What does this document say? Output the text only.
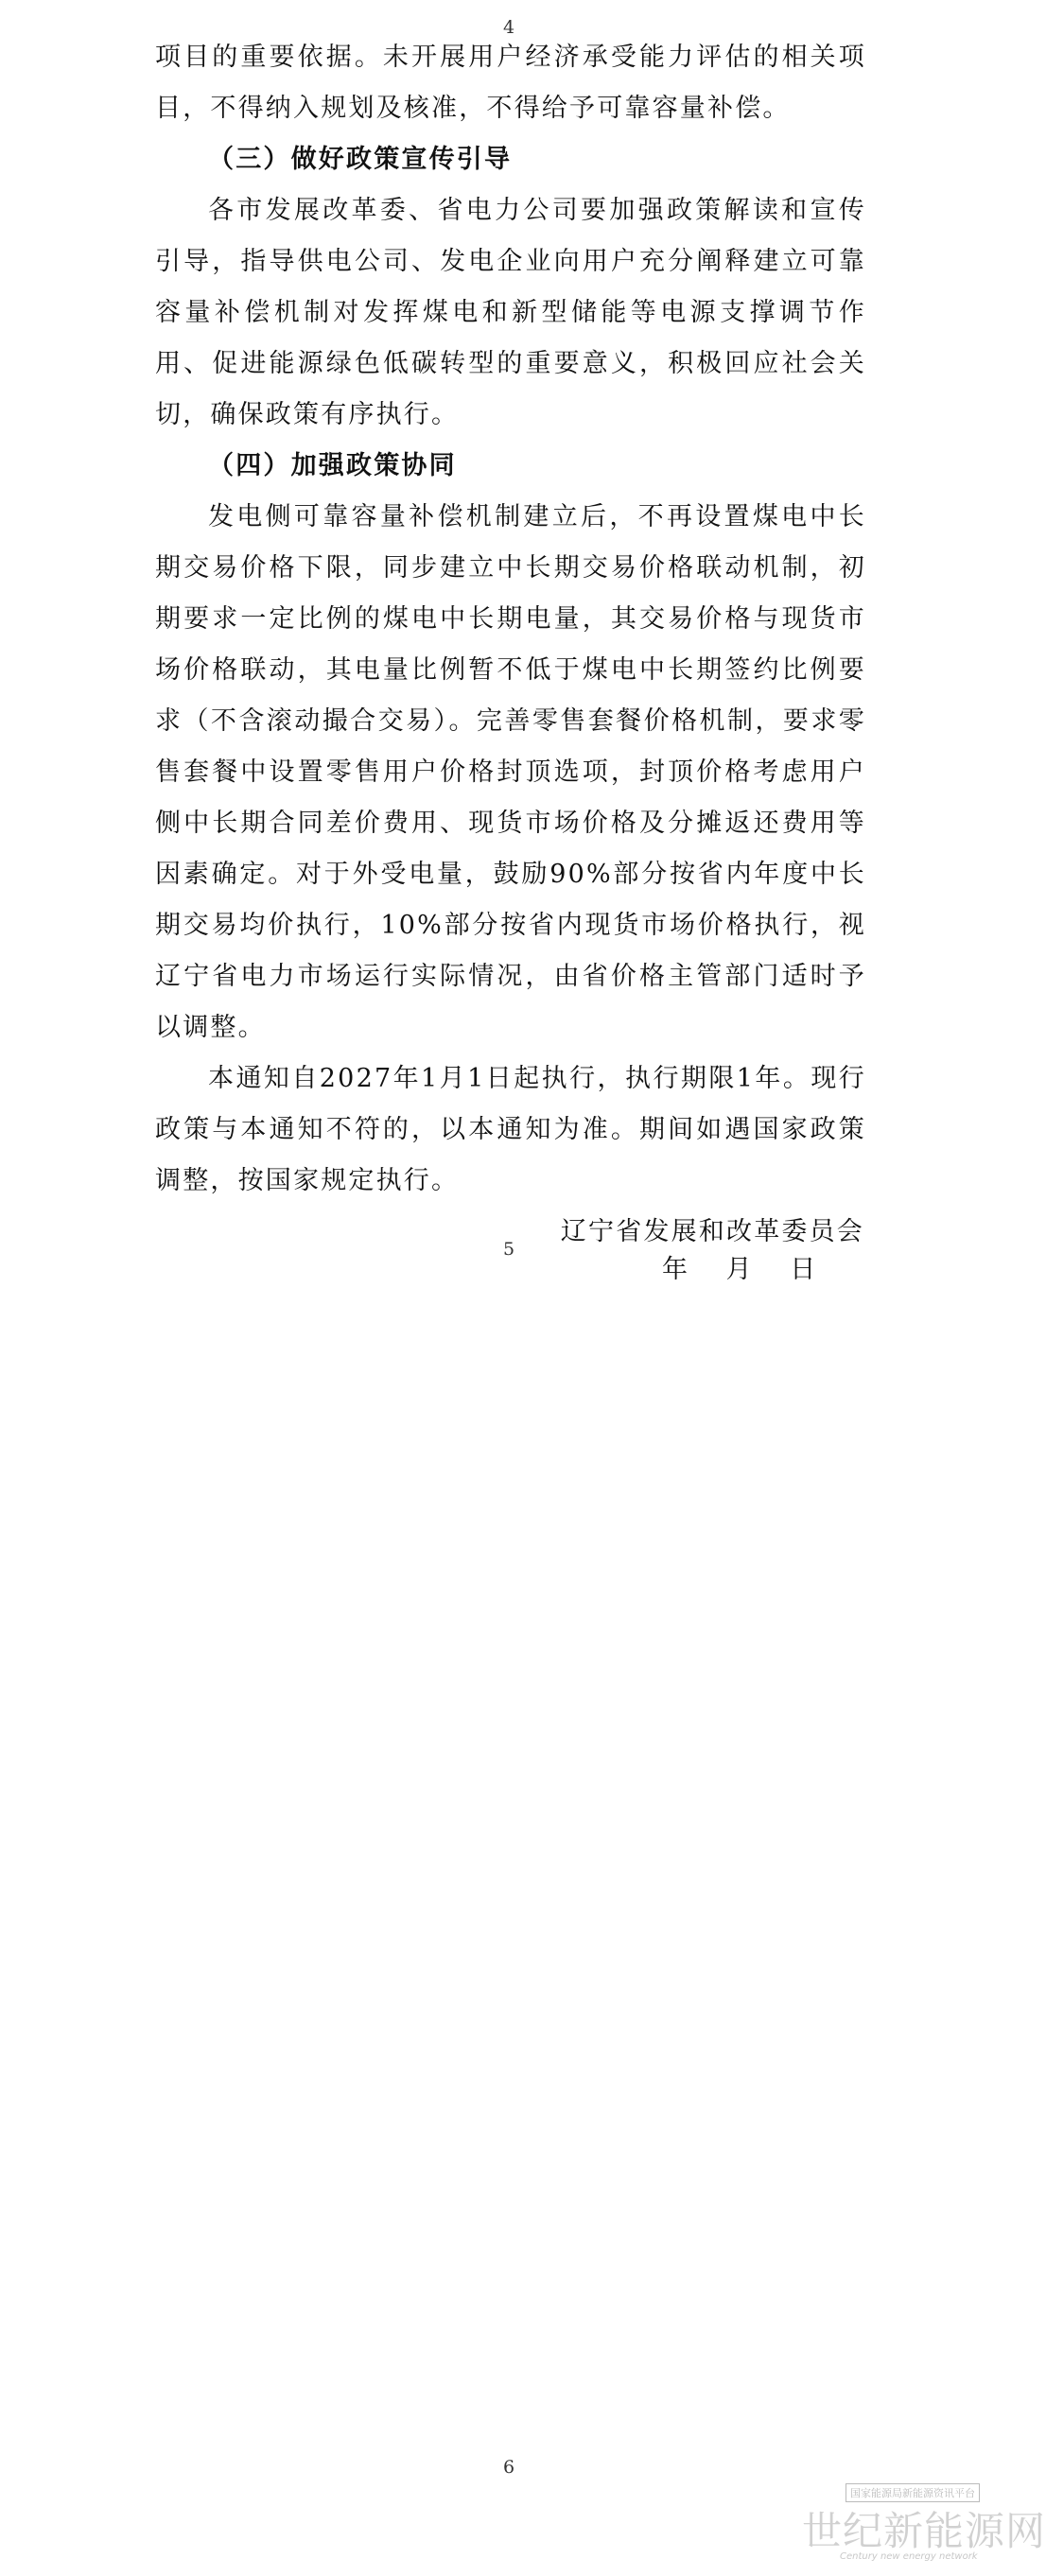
4
5
6

项目的重要依据。未开展用户经济承受能力评估的相关项目，不得纳入规划及核准，不得给予可靠容量补偿。

（三）做好政策宣传引导

各市发展改革委、省电力公司要加强政策解读和宣传引导，指导供电公司、发电企业向用户充分阐释建立可靠容量补偿机制对发挥煤电和新型储能等电源支撑调节作用、促进能源绿色低碳转型的重要意义，积极回应社会关切，确保政策有序执行。

（四）加强政策协同

发电侧可靠容量补偿机制建立后，不再设置煤电中长期交易价格下限，同步建立中长期交易价格联动机制，初期要求一定比例的煤电中长期电量，其交易价格与现货市场价格联动，其电量比例暂不低于煤电中长期签约比例要求（不含滚动撮合交易）。完善零售套餐价格机制，要求零售套餐中设置零售用户价格封顶选项，封顶价格考虑用户侧中长期合同差价费用、现货市场价格及分摊返还费用等因素确定。对于外受电量，鼓励90%部分按省内年度中长期交易均价执行，10%部分按省内现货市场价格执行，视辽宁省电力市场运行实际情况，由省价格主管部门适时予以调整。

本通知自2027年1月1日起执行，执行期限1年。现行政策与本通知不符的，以本通知为准。期间如遇国家政策调整，按国家规定执行。

辽宁省发展和改革委员会

年 月 日
国家能源局新能源资讯平台
世纪新能源网
Century new energy network
